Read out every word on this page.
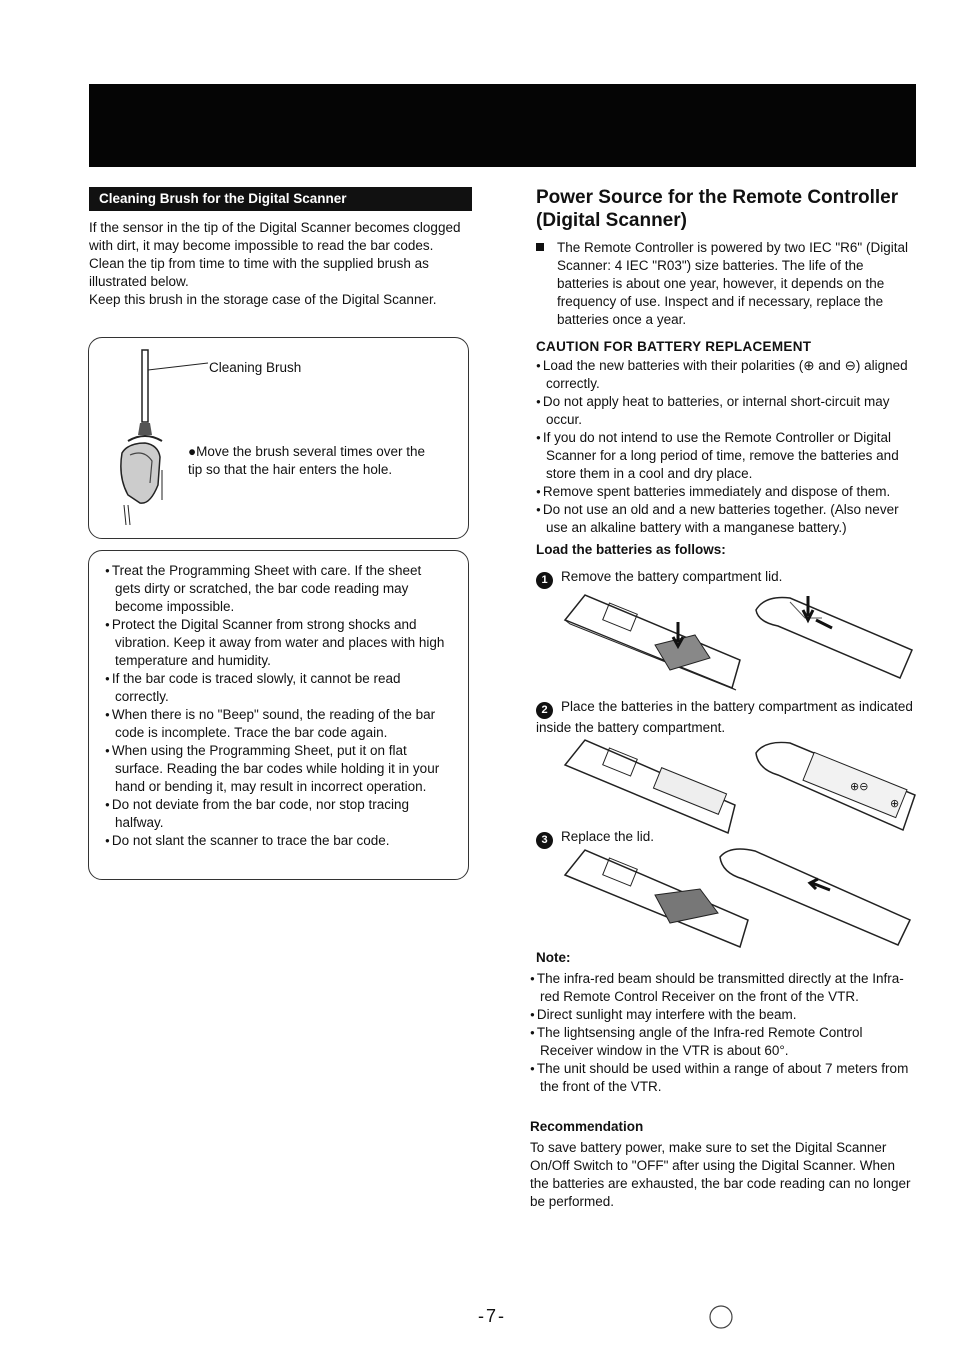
Cleaning Brush for the Digital Scanner

If the sensor in the tip of the Digital Scanner becomes clogged with dirt, it may become impossible to read the bar codes. Clean the tip from time to time with the supplied brush as illustrated below.

Keep this brush in the storage case of the Digital Scanner.

Cleaning Brush
●Move the brush several times over the tip so that the hair enters the hole.
● Treat the Programming Sheet with care. If the sheet gets dirty or scratched, the bar code reading may become impossible.
● Protect the Digital Scanner from strong shocks and vibration. Keep it away from water and places with high temperature and humidity.
● If the bar code is traced slowly, it cannot be read correctly.
● When there is no "Beep" sound, the reading of the bar code is incomplete. Trace the bar code again.
● When using the Programming Sheet, put it on flat surface. Reading the bar codes while holding it in your hand or bending it, may result in incorrect operation.
● Do not deviate from the bar code, nor stop tracing halfway.
● Do not slant the scanner to trace the bar code.
Power Source for the Remote Controller (Digital Scanner)

The Remote Controller is powered by two IEC "R6" (Digital Scanner: 4 IEC "R03") size batteries. The life of the batteries is about one year, however, it depends on the frequency of use. Inspect and if necessary, replace the batteries once a year.

CAUTION FOR BATTERY REPLACEMENT
● Load the new batteries with their polarities (⊕ and ⊖) aligned correctly.
● Do not apply heat to batteries, or internal short-circuit may occur.
● If you do not intend to use the Remote Controller or Digital Scanner for a long period of time, remove the batteries and store them in a cool and dry place.
● Remove spent batteries immediately and dispose of them.
● Do not use an old and a new batteries together. (Also never use an alkaline battery with a manganese battery.)
Load the batteries as follows:
1 Remove the battery compartment lid.
2 Place the batteries in the battery compartment as indicated inside the battery compartment.
⊕⊖
⊕
3 Replace the lid.
Note:
● The infra-red beam should be transmitted directly at the Infra-red Remote Control Receiver on the front of the VTR.
● Direct sunlight may interfere with the beam.
● The lightsensing angle of the Infra-red Remote Control Receiver window in the VTR is about 60°.
● The unit should be used within a range of about 7 meters from the front of the VTR.
Recommendation

To save battery power, make sure to set the Digital Scanner On/Off Switch to "OFF" after using the Digital Scanner. When the batteries are exhausted, the bar code reading can no longer be performed.

-7-
